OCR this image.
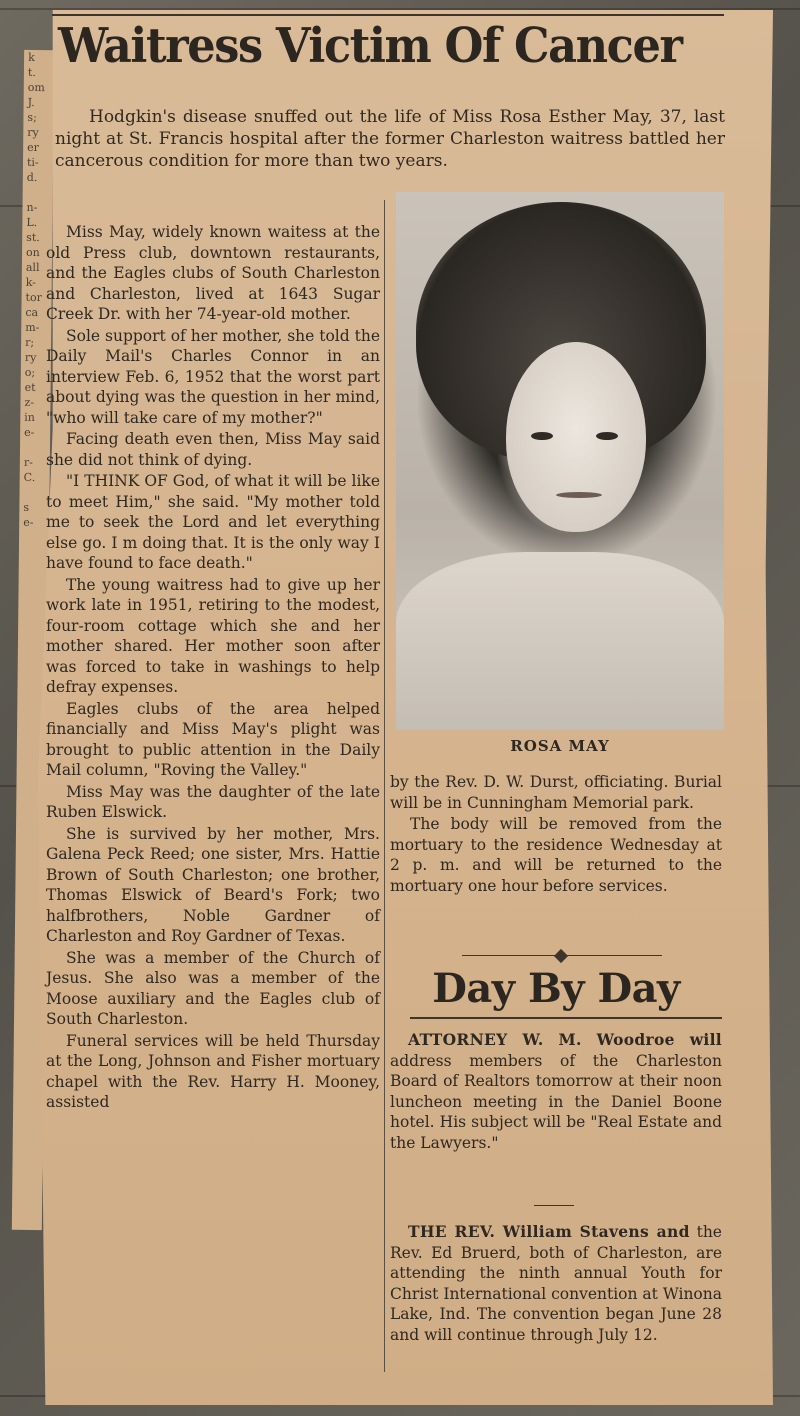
k
t.
om
J.
s;
ry
er
ti-
d.

n-
L.
st.
on
all
k-
tor
ca
m-
r;
ry
o;
et
z-
in
e-

r-
C.

s
e-
Waitress Victim Of Cancer
Hodgkin's disease snuffed out the life of Miss Rosa Esther May, 37, last night at St. Francis hospital after the former Charleston waitress battled her cancerous condition for more than two years.

Miss May, widely known waitess at the old Press club, downtown restaurants, and the Eagles clubs of South Charleston and Charleston, lived at 1643 Sugar Creek Dr. with her 74-year-old mother.

Sole support of her mother, she told the Daily Mail's Charles Connor in an interview Feb. 6, 1952 that the worst part about dying was the question in her mind, "who will take care of my mother?"

Facing death even then, Miss May said she did not think of dying.

"I THINK OF God, of what it will be like to meet Him," she said. "My mother told me to seek the Lord and let everything else go. I m doing that. It is the only way I have found to face death."

The young waitress had to give up her work late in 1951, retiring to the modest, four-room cottage which she and her mother shared. Her mother soon after was forced to take in washings to help defray expenses.

Eagles clubs of the area helped financially and Miss May's plight was brought to public attention in the Daily Mail column, "Roving the Valley."

Miss May was the daughter of the late Ruben Elswick.

She is survived by her mother, Mrs. Galena Peck Reed; one sister, Mrs. Hattie Brown of South Charleston; one brother, Thomas Elswick of Beard's Fork; two halfbrothers, Noble Gardner of Charleston and Roy Gardner of Texas.

She was a member of the Church of Jesus. She also was a member of the Moose auxiliary and the Eagles club of South Charleston.

Funeral services will be held Thursday at the Long, Johnson and Fisher mortuary chapel with the Rev. Harry H. Mooney, assisted

ROSA MAY

by the Rev. D. W. Durst, officiating. Burial will be in Cunningham Memorial park.

The body will be removed from the mortuary to the residence Wednesday at 2 p. m. and will be returned to the mortuary one hour before services.

Day By Day

ATTORNEY W. M. Woodroe will address members of the Charleston Board of Realtors tomorrow at their noon luncheon meeting in the Daniel Boone hotel. His subject will be "Real Estate and the Lawyers."

THE REV. William Stavens and the Rev. Ed Bruerd, both of Charleston, are attending the ninth annual Youth for Christ International convention at Winona Lake, Ind. The convention began June 28 and will continue through July 12.
